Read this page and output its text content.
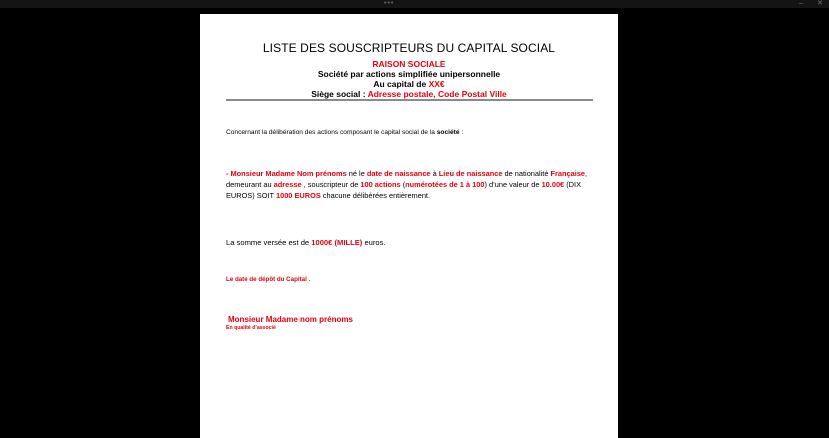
•••	‒ ✕
LISTE DES SOUSCRIPTEURS DU CAPITAL SOCIAL
RAISON SOCIALE
Société par actions simplifiée unipersonnelle
Au capital de XX€
Siège social : Adresse postale, Code Postal Ville
Concernant la délibération des actions composant le capital social de la société :
- Monsieur Madame Nom prénoms né le date de naissance à Lieu de naissance de nationalité Française, demeurant au adresse , souscripteur de 100 actions (numérotées de 1 à 100) d’une valeur de 10.00€ (DIX EUROS) SOIT 1000 EUROS chacune délibérées entièrement.
La somme versée est de 1000€ (MILLE) euros.
Le date de dépôt du Capital .
Monsieur Madame nom prénoms
En qualité d’associé
